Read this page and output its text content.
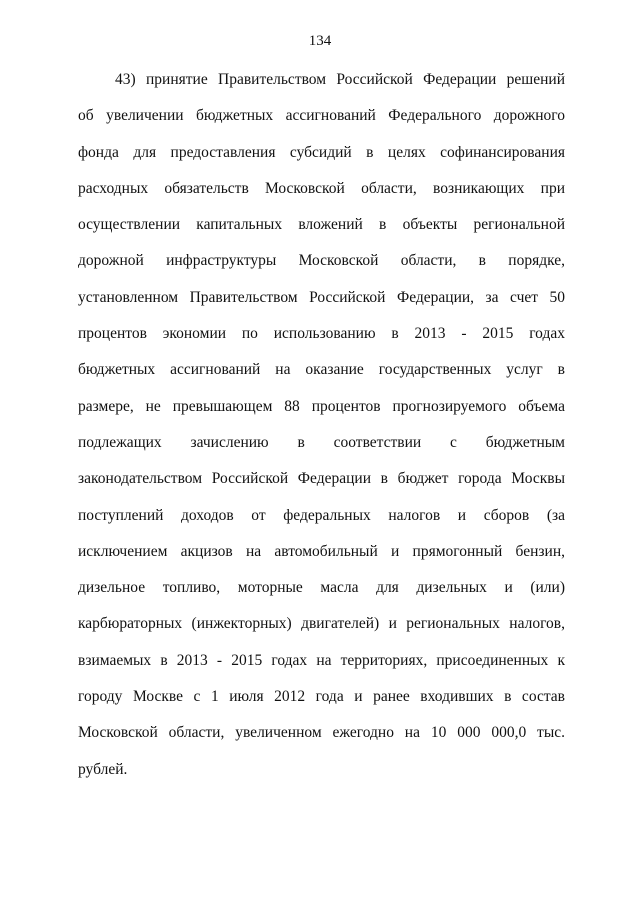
134
43) принятие Правительством Российской Федерации решений
об увеличении бюджетных ассигнований Федерального дорожного
фонда для предоставления субсидий в целях софинансирования
расходных обязательств Московской области, возникающих при
осуществлении капитальных вложений в объекты региональной
дорожной инфраструктуры Московской области, в порядке,
установленном Правительством Российской Федерации, за счет 50
процентов экономии по использованию в 2013 - 2015 годах
бюджетных ассигнований на оказание государственных услуг в
размере, не превышающем 88 процентов прогнозируемого объема
подлежащих зачислению в соответствии с бюджетным
законодательством Российской Федерации в бюджет города Москвы
поступлений доходов от федеральных налогов и сборов (за
исключением акцизов на автомобильный и прямогонный бензин,
дизельное топливо, моторные масла для дизельных и (или)
карбюраторных (инжекторных) двигателей) и региональных налогов,
взимаемых в 2013 - 2015 годах на территориях, присоединенных к
городу Москве с 1 июля 2012 года и ранее входивших в состав
Московской области, увеличенном ежегодно на 10 000 000,0 тыс.
рублей.
